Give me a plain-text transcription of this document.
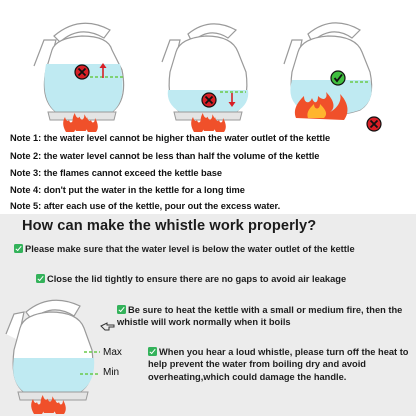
Note 1: the water level cannot be higher than the water outlet of the kettle
Note 2: the water level cannot be less than half the volume of the kettle
Note 3: the flames cannot exceed the kettle base
Note 4: don't put the water in the kettle for a long time
Note 5: after each use of the kettle, pour out the excess water.
How can make the whistle work properly?
Please make sure that the water level is below the water outlet of the kettle
Close the lid tightly to ensure there are no gaps to avoid air leakage
Be sure to heat the kettle with a small or medium fire, then the whistle will work normally when it boils
When you hear a loud whistle, please turn off the heat to help prevent the water from boiling dry and avoid overheating,which could damage the handle.
Max
Min
